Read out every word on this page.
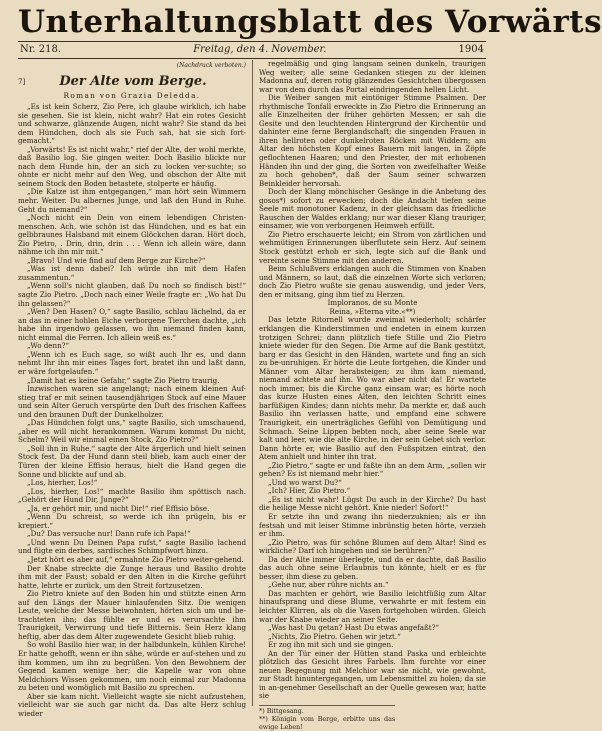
Unterhaltungsblatt des Vorwärts
Nr. 218.	Freitag, den 4. November.	1904
(Nachdruck verboten.)
7]	Der Alte vom Berge.
Roman von Grazia Deledda.

„Es ist kein Scherz, Zio Pere, ich glaube wirklich, ich habe sie gesehen. Sie ist klein, nicht wahr? Hat ein rotes Gesicht und schwarze, glänzende Augen, nicht wahr? Sie stand da bei dem Hündchen, doch als sie Fuch sah, hat sie sich fort-gemacht.“

„Vorwärts! Es ist nicht wahr,“ rief der Alte, der wohl merkte, daß Basilio log. Sie gingen weiter. Doch Basilio blickte nur nach dem Hunde hin, der an sich zu locken ver-suchte; so ohnte er nicht mehr auf den Weg, und obschon der Alte mit seinem Stock den Boden betastete, stolperte er häufig.

„Die Katze ist ihm entgegangen,“ man hört sein Wimmern mehr. Weiter. Du albernes Junge, und laß den Hund in Ruhe. Geht du niemand?“

„Noch nicht ein Dein von einem lebendigen Christen-menschen. Ach, wie schön ist das Hündchen, und es hat ein gelbbraunes Halsband mit einem Glöckchen daran. Hört doch, Zio Pietro, . Drin, drin, drin . . . Wenn ich allein wäre, dann nähme ich ihn mir mit.“

„Bravo! Und wie find auf dem Berge zur Kirche?“

„Was ist denn dabei? Ich würde ihn mit dem Hafen zusammentun.“

„Wenn soll's nicht glauben, daß Du noch so findisch bist!“ sagte Zio Pietro. „Doch nach einer Weile fragte er: „Wo hat Du ihn gelassen?“

„Wen? Den Hasen? O,“ sagte Basilio, schlau lächelnd, da er an das in einer hohlen Eiche verborgene Tierchen dachte, „ich habe ihn irgendwo gelassen, wo ihn niemand finden kann, nicht einmal die Ferren. Ich allein weiß es.“

„Wo denn?“

„Wenn ich es Euch sage, so wißt auch Ihr es, und dann nehmt Ihr ihn mir eines Tages fort, bratet ihn und laßt dann, er wäre fortgelaufen.“

„Damit hat es keine Gefahr,“ sagte Zio Pietro traurig.

Inzwischen waren sie angelangt; nach einem kleinen Auf-stieg traf er mit seinen tausendjährigen Stock auf eine Mauer und sein Alter Geruch verspürte den Duft des frischen Kaffees und den braunen Duft der Dunkelholzer.

„Das Hündchen folgt uns,“ sagte Basilio, sich umschauend, „aber es will nicht herankommen. Warum kommst Du nicht, Schelm? Weil wir einmal einen Stock, Zio Pietro?“

„Soll ihn in Ruhe,“ sagte der Alte ärgerlich und hielt seinen Stock fest. Da der Hund dann steil blieb, kam auch einer der Türen der kleine Effisio heraus, hielt die Hand gegen die Sonne und blickte auf und ab.

„Los, hierher, Los!“

„Los, hierher, Los!“ machte Basilio ihm spöttisch nach. „Gehört der Hund Dir, Junge?“

„Ja, er gehört mir, und nicht Dir!“ rief Effisio böse.

„Wenn Du schreist, so werde ich ihn prügeln, bis er krepiert.“

„Du? Das versuche nur! Dann rufe ich Papa!“

„Und wenn Du Deinen Papa rufst,“ sagte Basilio lachend und fügte ein derbes, sardisches Schimpfwort hinzu.

„Jetzt hört es aber auf,“ ermahnte Zio Pietro weiter-gehend.

Der Knabe streckte die Zunge heraus und Basilio drohte ihm mit der Faust; sobald er den Alten in die Kirche geführt hatte, lehrte er zurück, um den Streit fortzusetzen.

Zio Pietro kniete auf den Boden hin und stützte einen Arm auf den Längs der Mauer hinlaufenden Sitz. Die wenigen Leute, welche der Messe beiwohnten, hörten sich um und be-trachteten ihn; das fühlte er und es verursachte ihm Traurigkeit, Verwirrung und tiefe Bitternis. Sein Herz klang heftig, aber das dem Alter zugewendete Gesicht blieb ruhig.

So wohl Basilio hier war, in der halbdunkeln, kühlen Kirche! Er hatte gehofft, wenn er ihn sähe, würde er auf-stehen und zu ihm kommen, um ihn zu begrüßen. Von den Bewohnern der Gegend kamen wenige her; die Kapelle war von ohne Meldchiors Wissen gekommen, um noch einmal zur Madonna zu beten und womöglich mit Basilio zu sprechen.

Aber sie kam nicht. Vielleicht wagte sie nicht aufzustehen, vielleicht war sie auch gar nicht da. Das alte Herz schlug wieder

regelmäßig und ging langsam seinen dunkeln, traurigen Weg weiter; alle seine Gedanken stiegen zu der kleinen Madonna auf, deren rotig glänzendes Gesichtchen übergossen war von dem durch das Portal eindringenden hellen Licht.

Die Weiber sangen mit eintöniger Stimme Psalmen. Der rhythmische Tonfall erweckte in Zio Pietro die Erinnerung an alle Einzelheiten der früher gehörten Messen; er sah die Gesite und den leuchtenden Hintergrund der Kirchentür und dahinter eine ferne Berglandschaft; die singenden Frauen in ihren hellroten oder dunkelroten Röcken mit Widdern; am Altar den höchsten Kopf eines Bauern mit langen, in Zöpfe geflochtenen Haaren; und den Priester, der mit erhobenen Händen ihn und der ging, die Sorten von zweifelhafter Weiße zu hoch gehoben*, daß der Saum seiner schwarzen Beinkleider hervorsah.

Doch der Klang mönchischer Gesänge in die Anbetung des gosos*) sofort zu erwecken; doch die Andacht tiefen seine Seele mit monotoner Kadenz, in der gleichsam das friedliche Rauschen der Waldes erklang; nur war dieser Klang trauriger, einsamer, wie von verborgenen Heimweh erfüllt.

Zio Pietro erschauerte leicht; ein Strom von zärtlichen und wehmütigen Erinnerungen überflutete sein Herz. Auf seinem Stock gestützt erhob er sich, legte sich auf die Bank und vereinte seine Stimme mit den anderen.

Beim Schlußvers erklangen auch die Stimmen von Knaben und Männern, so laut, daß die einzelnen Worte sich verloren; doch Zio Pietro wußte sie genau auswendig, und jeder Vers, den er mitsang, ging ihm tief zu Herzen.

Imploranos, de su Monte

Reina, »Eterna vite.«**)

Das letzte Ritornell wurde zweimal wiederholt; schärfer erklangen die Kinderstimmen und endeten in einem kurzen trotzigen Schrei; dann plötzlich tiefe Stille und Zio Pietro kniete wieder für den Segen. Die Arme auf die Bank gestützt, barg er das Gesicht in den Händen, wartete und fing an sich zu be-unruhigen. Er hörte die Leute fortgehen, die Kinder und Männer vom Altar herabsteigen; zu ihm kam niemand, niemand achtete auf ihn. Wo war aber nicht da! Er wartete noch immer, bis die Kirche ganz einsam war; es hörte noch das kurze Husten eines Alten, den leichten Schritt eines barfüßigen Kindes; dann nichts mehr. Da merkte er, daß auch Basilio ihn verlassen hatte, und empfand eine schwere Traurigkeit, ein unerträgliches Gefühl von Demütigung und Schmach. Seine Lippen bebten noch, aber seine Seele war kalt und leer, wie die alte Kirche, in der sein Gebet sich verlor. Dann hörte er, wie Basilio auf den Fußspitzen eintrat, den Atem anhielt und hinter ihn trat.

„Zio Pietro,“ sagte er und faßte ihn an dem Arm, „sollen wir gehen? Es ist niemand mehr hier.“

„Und wo warst Du?“

„Ich? Hier, Zio Pietro.“

„Es ist nicht wahr! Lügst Du auch in der Kirche? Du hast die heilige Messe nicht gehört. Knie nieder! Sofort!“

Er setzte ihn und zwang ihn niederzuknien; als er ihn festsah und mit leiser Stimme inbrünstig beten hörte, verzieh er ihm.

„Zio Pietro, was für schöne Blumen auf dem Altar! Sind es wirkliche? Darf ich hingehen und sie berühren?“

Da der Alte immer überlegte, und da er dachte, daß Basilio das auch ohne seine Erlaubnis tun könnte, hielt er es für besser, ihm diese zu geben.

„Gehe nur, aber rühre nichts an.“

Das machten er gehört, wie Basilio leichtfüßig zum Altar hinaufsprang und diese Blume, verwahrte er mit festem ein leichter Klirren, als ob die Vasen fortgehoben würden. Gleich war der Knabe wieder an seiner Seite.

„Was hast Du getan? Hast Du etwas angefaßt?“

„Nichts, Zio Pietro. Gehen wir jetzt.“

Er zog ihn mit sich und sie gingen.

An der Tür einer der Hütten stand Paska und erbleichte plötzlich das Gesicht ihres Farbels. Ihm furchte vor einer neuen Begegnung mit Melchior war sie nicht, wie gewohnt, zur Stadt hinuntergegangen, um Lebensmittel zu holen; da sie in an-genehmer Gesellschaft an der Quelle gewesen war, hatte sie

*) Bittgesang.
**) Königin vom Berge, erbitte uns das ewige Leben!
